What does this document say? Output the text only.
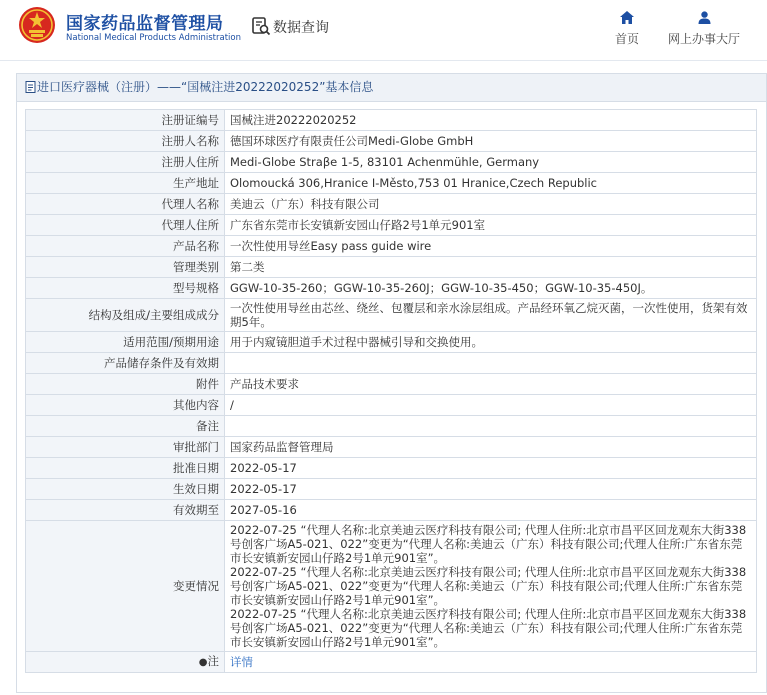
国家药品监督管理局
National Medical Products Administration
数据查询
首页	网上办事大厅
进口医疗器械（注册）——“国械注进20222020252”基本信息
注册证编号	国械注进20222020252
注册人名称	德国环球医疗有限责任公司Medi-Globe GmbH
注册人住所	Medi-Globe Straβe 1-5, 83101 Achenmühle, Germany
生产地址	Olomoucká 306,Hranice I-Město,753 01 Hranice,Czech Republic
代理人名称	美迪云（广东）科技有限公司
代理人住所	广东省东莞市长安镇新安园山仔路2号1单元901室
产品名称	一次性使用导丝Easy pass guide wire
管理类别	第二类
型号规格	GGW-10-35-260；GGW-10-35-260J；GGW-10-35-450；GGW-10-35-450J。
结构及组成/主要组成成分	一次性使用导丝由芯丝、绕丝、包覆层和亲水涂层组成。产品经环氧乙烷灭菌，一次性使用，货架有效期5年。
适用范围/预期用途	用于内窥镜胆道手术过程中器械引导和交换使用。
产品储存条件及有效期	
附件	产品技术要求
其他内容	/
备注	
审批部门	国家药品监督管理局
批准日期	2022-05-17
生效日期	2022-05-17
有效期至	2027-05-16
变更情况	2022-07-25 “代理人名称:北京美迪云医疗科技有限公司; 代理人住所:北京市昌平区回龙观东大街338号创客广场A5-021、022”变更为“代理人名称:美迪云（广东）科技有限公司;代理人住所:广东省东莞市长安镇新安园山仔路2号1单元901室”。
2022-07-25 “代理人名称:北京美迪云医疗科技有限公司; 代理人住所:北京市昌平区回龙观东大街338号创客广场A5-021、022”变更为“代理人名称:美迪云（广东）科技有限公司;代理人住所:广东省东莞市长安镇新安园山仔路2号1单元901室”。
2022-07-25 “代理人名称:北京美迪云医疗科技有限公司; 代理人住所:北京市昌平区回龙观东大街338号创客广场A5-021、022”变更为“代理人名称:美迪云（广东）科技有限公司;代理人住所:广东省东莞市长安镇新安园山仔路2号1单元901室”。
●注	详情
